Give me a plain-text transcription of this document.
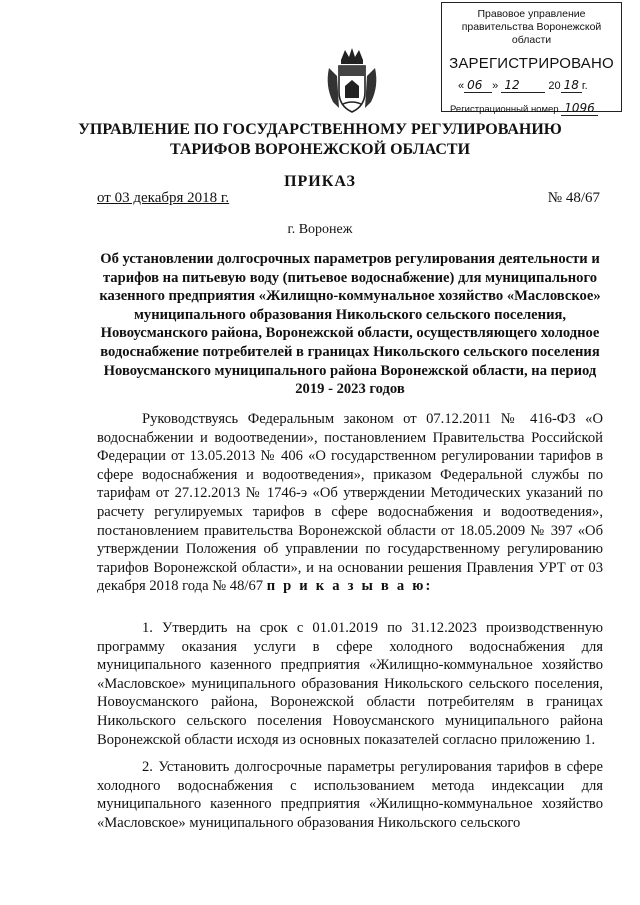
Правовое управление правительства Воронежской области
ЗАРЕГИСТРИРОВАНО
« 06 » 12	20 18 г.
Регистрационный номер 1096
УПРАВЛЕНИЕ ПО ГОСУДАРСТВЕННОМУ РЕГУЛИРОВАНИЮ
ТАРИФОВ ВОРОНЕЖСКОЙ ОБЛАСТИ
ПРИКАЗ
от 03 декабря 2018 г.	№ 48/67
г. Воронеж
Об установлении долгосрочных параметров регулирования деятельности и тарифов на питьевую воду (питьевое водоснабжение) для муниципального казенного предприятия «Жилищно-коммунальное хозяйство «Масловское» муниципального образования Никольского сельского поселения, Новоусманского района, Воронежской области, осуществляющего холодное водоснабжение потребителей в границах Никольского сельского поселения Новоусманского муниципального района Воронежской области, на период 2019 - 2023 годов
Руководствуясь Федеральным законом от 07.12.2011 № 416-ФЗ «О водоснабжении и водоотведении», постановлением Правительства Российской Федерации от 13.05.2013 № 406 «О государственном регулировании тарифов в сфере водоснабжения и водоотведения», приказом Федеральной службы по тарифам от 27.12.2013 № 1746-э «Об утверждении Методических указаний по расчету регулируемых тарифов в сфере водоснабжения и водоотведения», постановлением правительства Воронежской области от 18.05.2009 № 397 «Об утверждении Положения об управлении по государственному регулированию тарифов Воронежской области», и на основании решения Правления УРТ от 03 декабря 2018 года № 48/67 п р и к а з ы в а ю:
1. Утвердить на срок с 01.01.2019 по 31.12.2023 производственную программу оказания услуги в сфере холодного водоснабжения для муниципального казенного предприятия «Жилищно-коммунальное хозяйство «Масловское» муниципального образования Никольского сельского поселения, Новоусманского района, Воронежской области потребителям в границах Никольского сельского поселения Новоусманского муниципального района Воронежской области исходя из основных показателей согласно приложению 1.
2. Установить долгосрочные параметры регулирования тарифов в сфере холодного водоснабжения с использованием метода индексации для муниципального казенного предприятия «Жилищно-коммунальное хозяйство «Масловское» муниципального образования Никольского сельского
